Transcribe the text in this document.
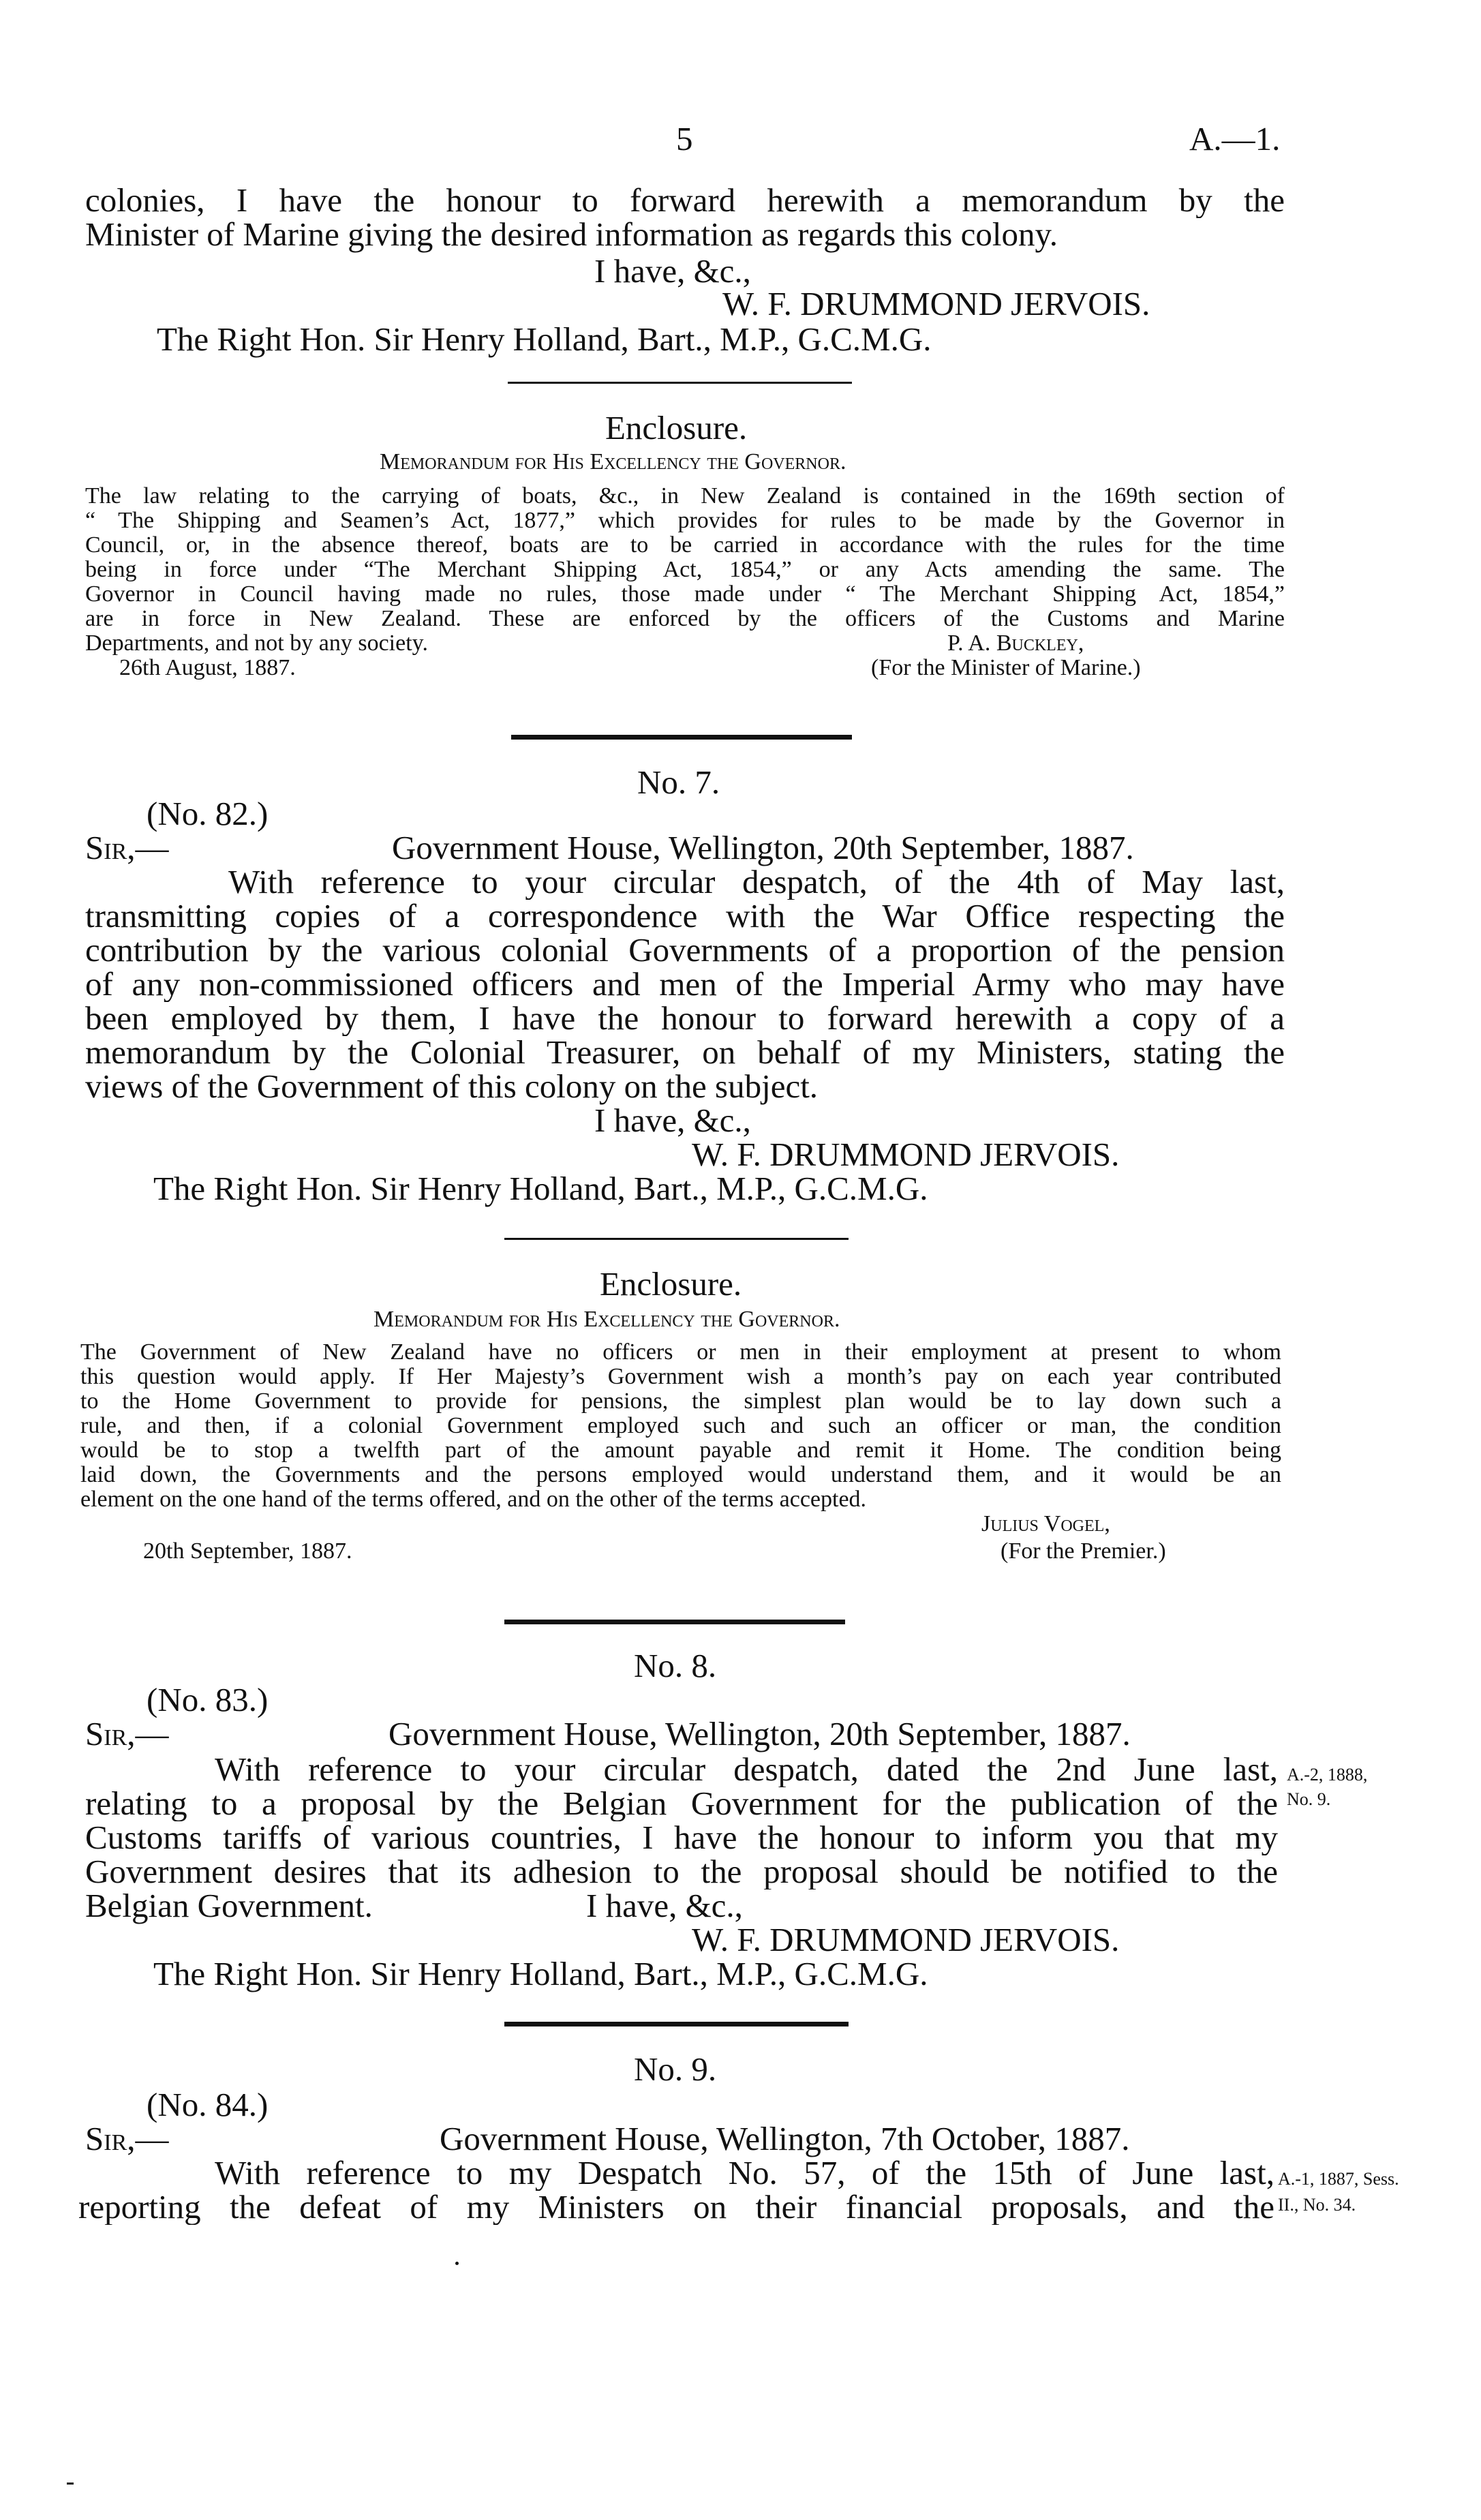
5	A.—1.
colonies, I have the honour to forward herewith a memorandum by the
Minister of Marine giving the desired information as regards this colony.
I have, &c.,
W. F. DRUMMOND JERVOIS.
The Right Hon. Sir Henry Holland, Bart., M.P., G.C.M.G.
Enclosure.
Memorandum for His Excellency the Governor.
The law relating to the carrying of boats, &c., in New Zealand is contained in the 169th section of
“ The Shipping and Seamen’s Act, 1877,” which provides for rules to be made by the Governor in
Council, or, in the absence thereof, boats are to be carried in accordance with the rules for the time
being in force under “The Merchant Shipping Act, 1854,” or any Acts amending the same. The
Governor in Council having made no rules, those made under “ The Merchant Shipping Act, 1854,”
are in force in New Zealand. These are enforced by the officers of the Customs and Marine
Departments, and not by any society.	P. A. Buckley,
26th August, 1887.	(For the Minister of Marine.)
No. 7.
(No. 82.)
Sir,—	Government House, Wellington, 20th September, 1887.
With reference to your circular despatch, of the 4th of May last,
transmitting copies of a correspondence with the War Office respecting the
contribution by the various colonial Governments of a proportion of the pension
of any non-commissioned officers and men of the Imperial Army who may have
been employed by them, I have the honour to forward herewith a copy of a
memorandum by the Colonial Treasurer, on behalf of my Ministers, stating the
views of the Government of this colony on the subject.
I have, &c.,
W. F. DRUMMOND JERVOIS.
The Right Hon. Sir Henry Holland, Bart., M.P., G.C.M.G.
Enclosure.
Memorandum for His Excellency the Governor.
The Government of New Zealand have no officers or men in their employment at present to whom
this question would apply. If Her Majesty’s Government wish a month’s pay on each year contributed
to the Home Government to provide for pensions, the simplest plan would be to lay down such a
rule, and then, if a colonial Government employed such and such an officer or man, the condition
would be to stop a twelfth part of the amount payable and remit it Home. The condition being
laid down, the Governments and the persons employed would understand them, and it would be an
element on the one hand of the terms offered, and on the other of the terms accepted.
Julius Vogel,
20th September, 1887.	(For the Premier.)
No. 8.
(No. 83.)
Sir,—	Government House, Wellington, 20th September, 1887.
With reference to your circular despatch, dated the 2nd June last,
relating to a proposal by the Belgian Government for the publication of the
Customs tariffs of various countries, I have the honour to inform you that my
Government desires that its adhesion to the proposal should be notified to the
Belgian Government.	I have, &c.,
W. F. DRUMMOND JERVOIS.
The Right Hon. Sir Henry Holland, Bart., M.P., G.C.M.G.
A.-2, 1888,
No. 9.
No. 9.
(No. 84.)
Sir,—	Government House, Wellington, 7th October, 1887.
With reference to my Despatch No. 57, of the 15th of June last,
reporting the defeat of my Ministers on their financial proposals, and the
A.-1, 1887, Sess.
II., No. 34.
